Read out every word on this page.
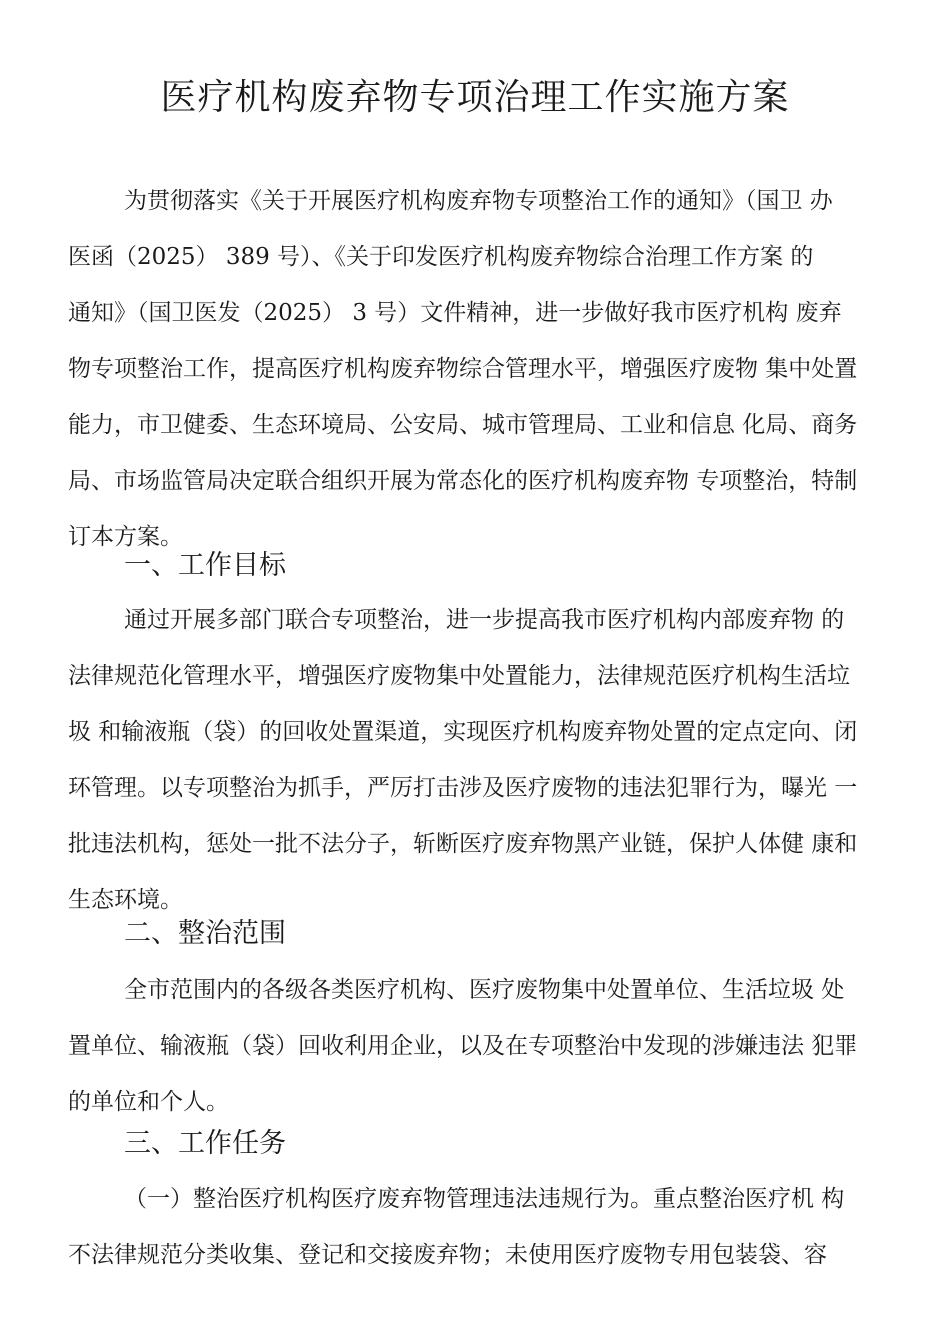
医疗机构废弃物专项治理工作实施方案
为贯彻落实《关于开展医疗机构废弃物专项整治工作的通知》（国卫 办
医函（2025） 389 号）、《关于印发医疗机构废弃物综合治理工作方案 的
通知》（国卫医发（2025） 3 号）文件精神，进一步做好我市医疗机构 废弃
物专项整治工作，提高医疗机构废弃物综合管理水平，增强医疗废物 集中处置
能力，市卫健委、生态环境局、公安局、城市管理局、工业和信息 化局、商务
局、市场监管局决定联合组织开展为常态化的医疗机构废弃物 专项整治，特制
订本方案。
一、工作目标
通过开展多部门联合专项整治，进一步提高我市医疗机构内部废弃物 的
法律规范化管理水平，增强医疗废物集中处置能力，法律规范医疗机构生活垃
圾 和输液瓶（袋）的回收处置渠道，实现医疗机构废弃物处置的定点定向、闭
环管理。以专项整治为抓手，严厉打击涉及医疗废物的违法犯罪行为，曝光 一
批违法机构，惩处一批不法分子，斩断医疗废弃物黑产业链，保护人体健 康和
生态环境。
二、整治范围
全市范围内的各级各类医疗机构、医疗废物集中处置单位、生活垃圾 处
置单位、输液瓶（袋）回收利用企业，以及在专项整治中发现的涉嫌违法 犯罪
的单位和个人。
三、工作任务
（一）整治医疗机构医疗废弃物管理违法违规行为。重点整治医疗机 构
不法律规范分类收集、登记和交接废弃物；未使用医疗废物专用包装袋、容
